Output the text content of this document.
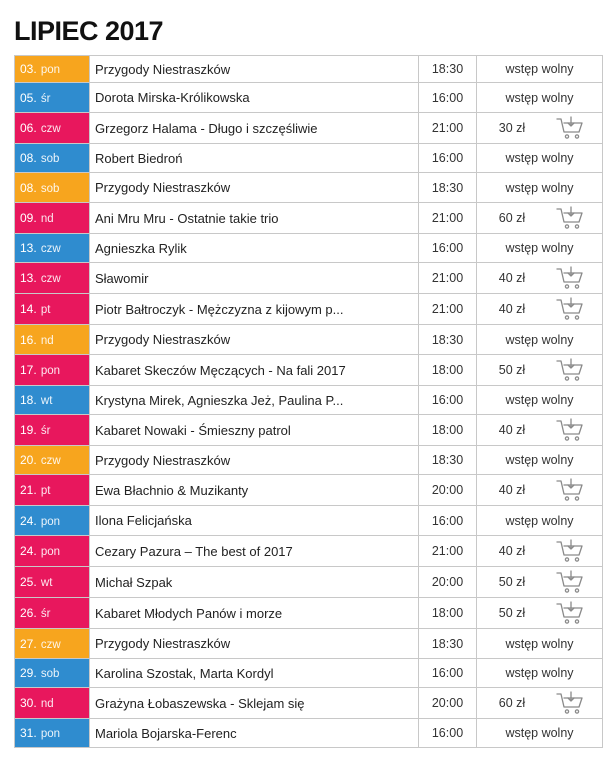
LIPIEC 2017
03. pon	Przygody Niestraszków	18:30	wstęp wolny

05. śr	Dorota Mirska-Królikowska	16:00	wstęp wolny

06. czw	Grzegorz Halama - Długo i szczęśliwie	21:00	30 zł

08. sob	Robert Biedroń	16:00	wstęp wolny

08. sob	Przygody Niestraszków	18:30	wstęp wolny

09. nd	Ani Mru Mru - Ostatnie takie trio	21:00	60 zł

13. czw	Agnieszka Rylik	16:00	wstęp wolny

13. czw	Sławomir	21:00	40 zł

14. pt	Piotr Bałtroczyk - Mężczyzna z kijowym p...	21:00	40 zł

16. nd	Przygody Niestraszków	18:30	wstęp wolny

17. pon	Kabaret Skeczów Męczących - Na fali 2017	18:00	50 zł

18. wt	Krystyna Mirek, Agnieszka Jeż, Paulina P...	16:00	wstęp wolny

19. śr	Kabaret Nowaki - Śmieszny patrol	18:00	40 zł

20. czw	Przygody Niestraszków	18:30	wstęp wolny

21. pt	Ewa Błachnio & Muzikanty	20:00	40 zł

24. pon	Ilona Felicjańska	16:00	wstęp wolny

24. pon	Cezary Pazura – The best of 2017	21:00	40 zł

25. wt	Michał Szpak	20:00	50 zł

26. śr	Kabaret Młodych Panów i morze	18:00	50 zł

27. czw	Przygody Niestraszków	18:30	wstęp wolny

29. sob	Karolina Szostak, Marta Kordyl	16:00	wstęp wolny

30. nd	Grażyna Łobaszewska - Sklejam się	20:00	60 zł

31. pon	Mariola Bojarska-Ferenc	16:00	wstęp wolny
